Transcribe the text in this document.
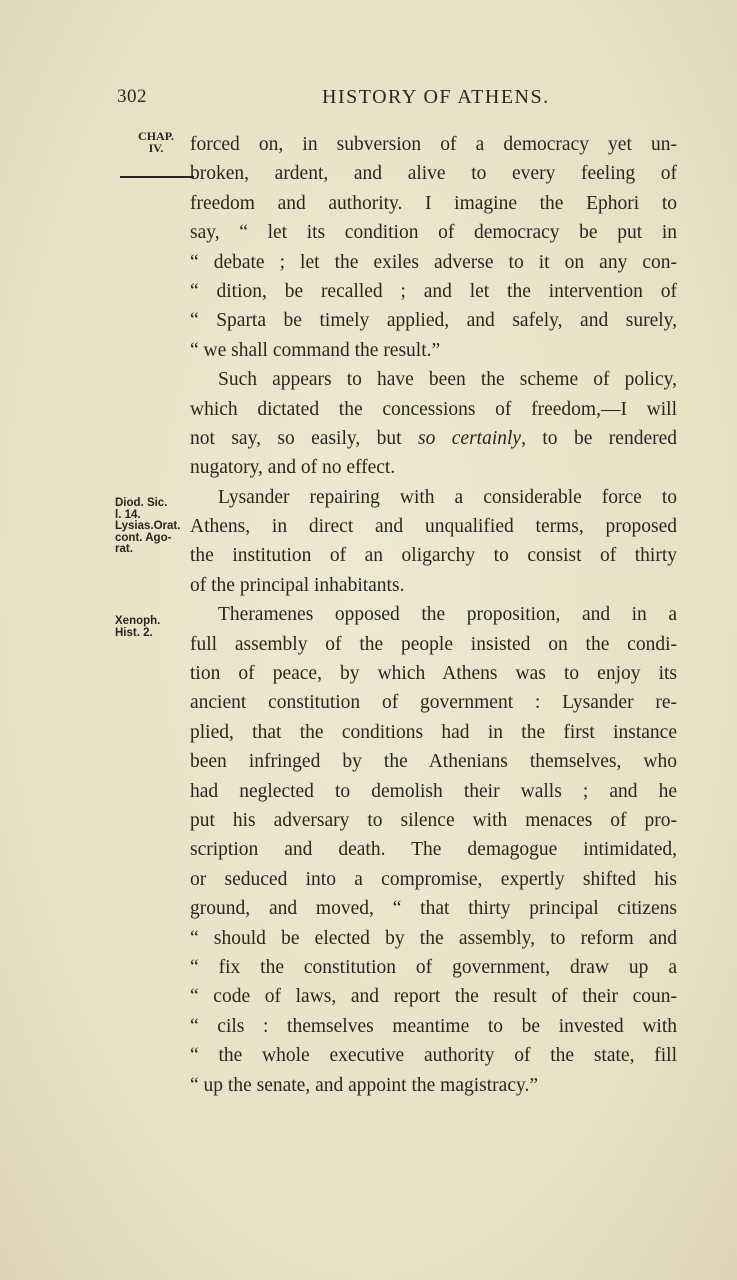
302	HISTORY OF ATHENS.
CHAP.
IV.
Diod. Sic.
l. 14.
Lysias.Orat.
cont. Ago-
rat.
Xenoph.
Hist. 2.
forced on, in subversion of a democracy yet un-
broken, ardent, and alive to every feeling of
freedom and authority. I imagine the Ephori to
say, “ let its condition of democracy be put in
“ debate ; let the exiles adverse to it on any con-
“ dition, be recalled ; and let the intervention of
“ Sparta be timely applied, and safely, and surely,
“ we shall command the result.”
Such appears to have been the scheme of policy,
which dictated the concessions of freedom,—I will
not say, so easily, but so certainly, to be rendered
nugatory, and of no effect.
Lysander repairing with a considerable force to
Athens, in direct and unqualified terms, proposed
the institution of an oligarchy to consist of thirty
of the principal inhabitants.
Theramenes opposed the proposition, and in a
full assembly of the people insisted on the condi-
tion of peace, by which Athens was to enjoy its
ancient constitution of government : Lysander re-
plied, that the conditions had in the first instance
been infringed by the Athenians themselves, who
had neglected to demolish their walls ; and he
put his adversary to silence with menaces of pro-
scription and death. The demagogue intimidated,
or seduced into a compromise, expertly shifted his
ground, and moved, “ that thirty principal citizens
“ should be elected by the assembly, to reform and
“ fix the constitution of government, draw up a
“ code of laws, and report the result of their coun-
“ cils : themselves meantime to be invested with
“ the whole executive authority of the state, fill
“ up the senate, and appoint the magistracy.”
